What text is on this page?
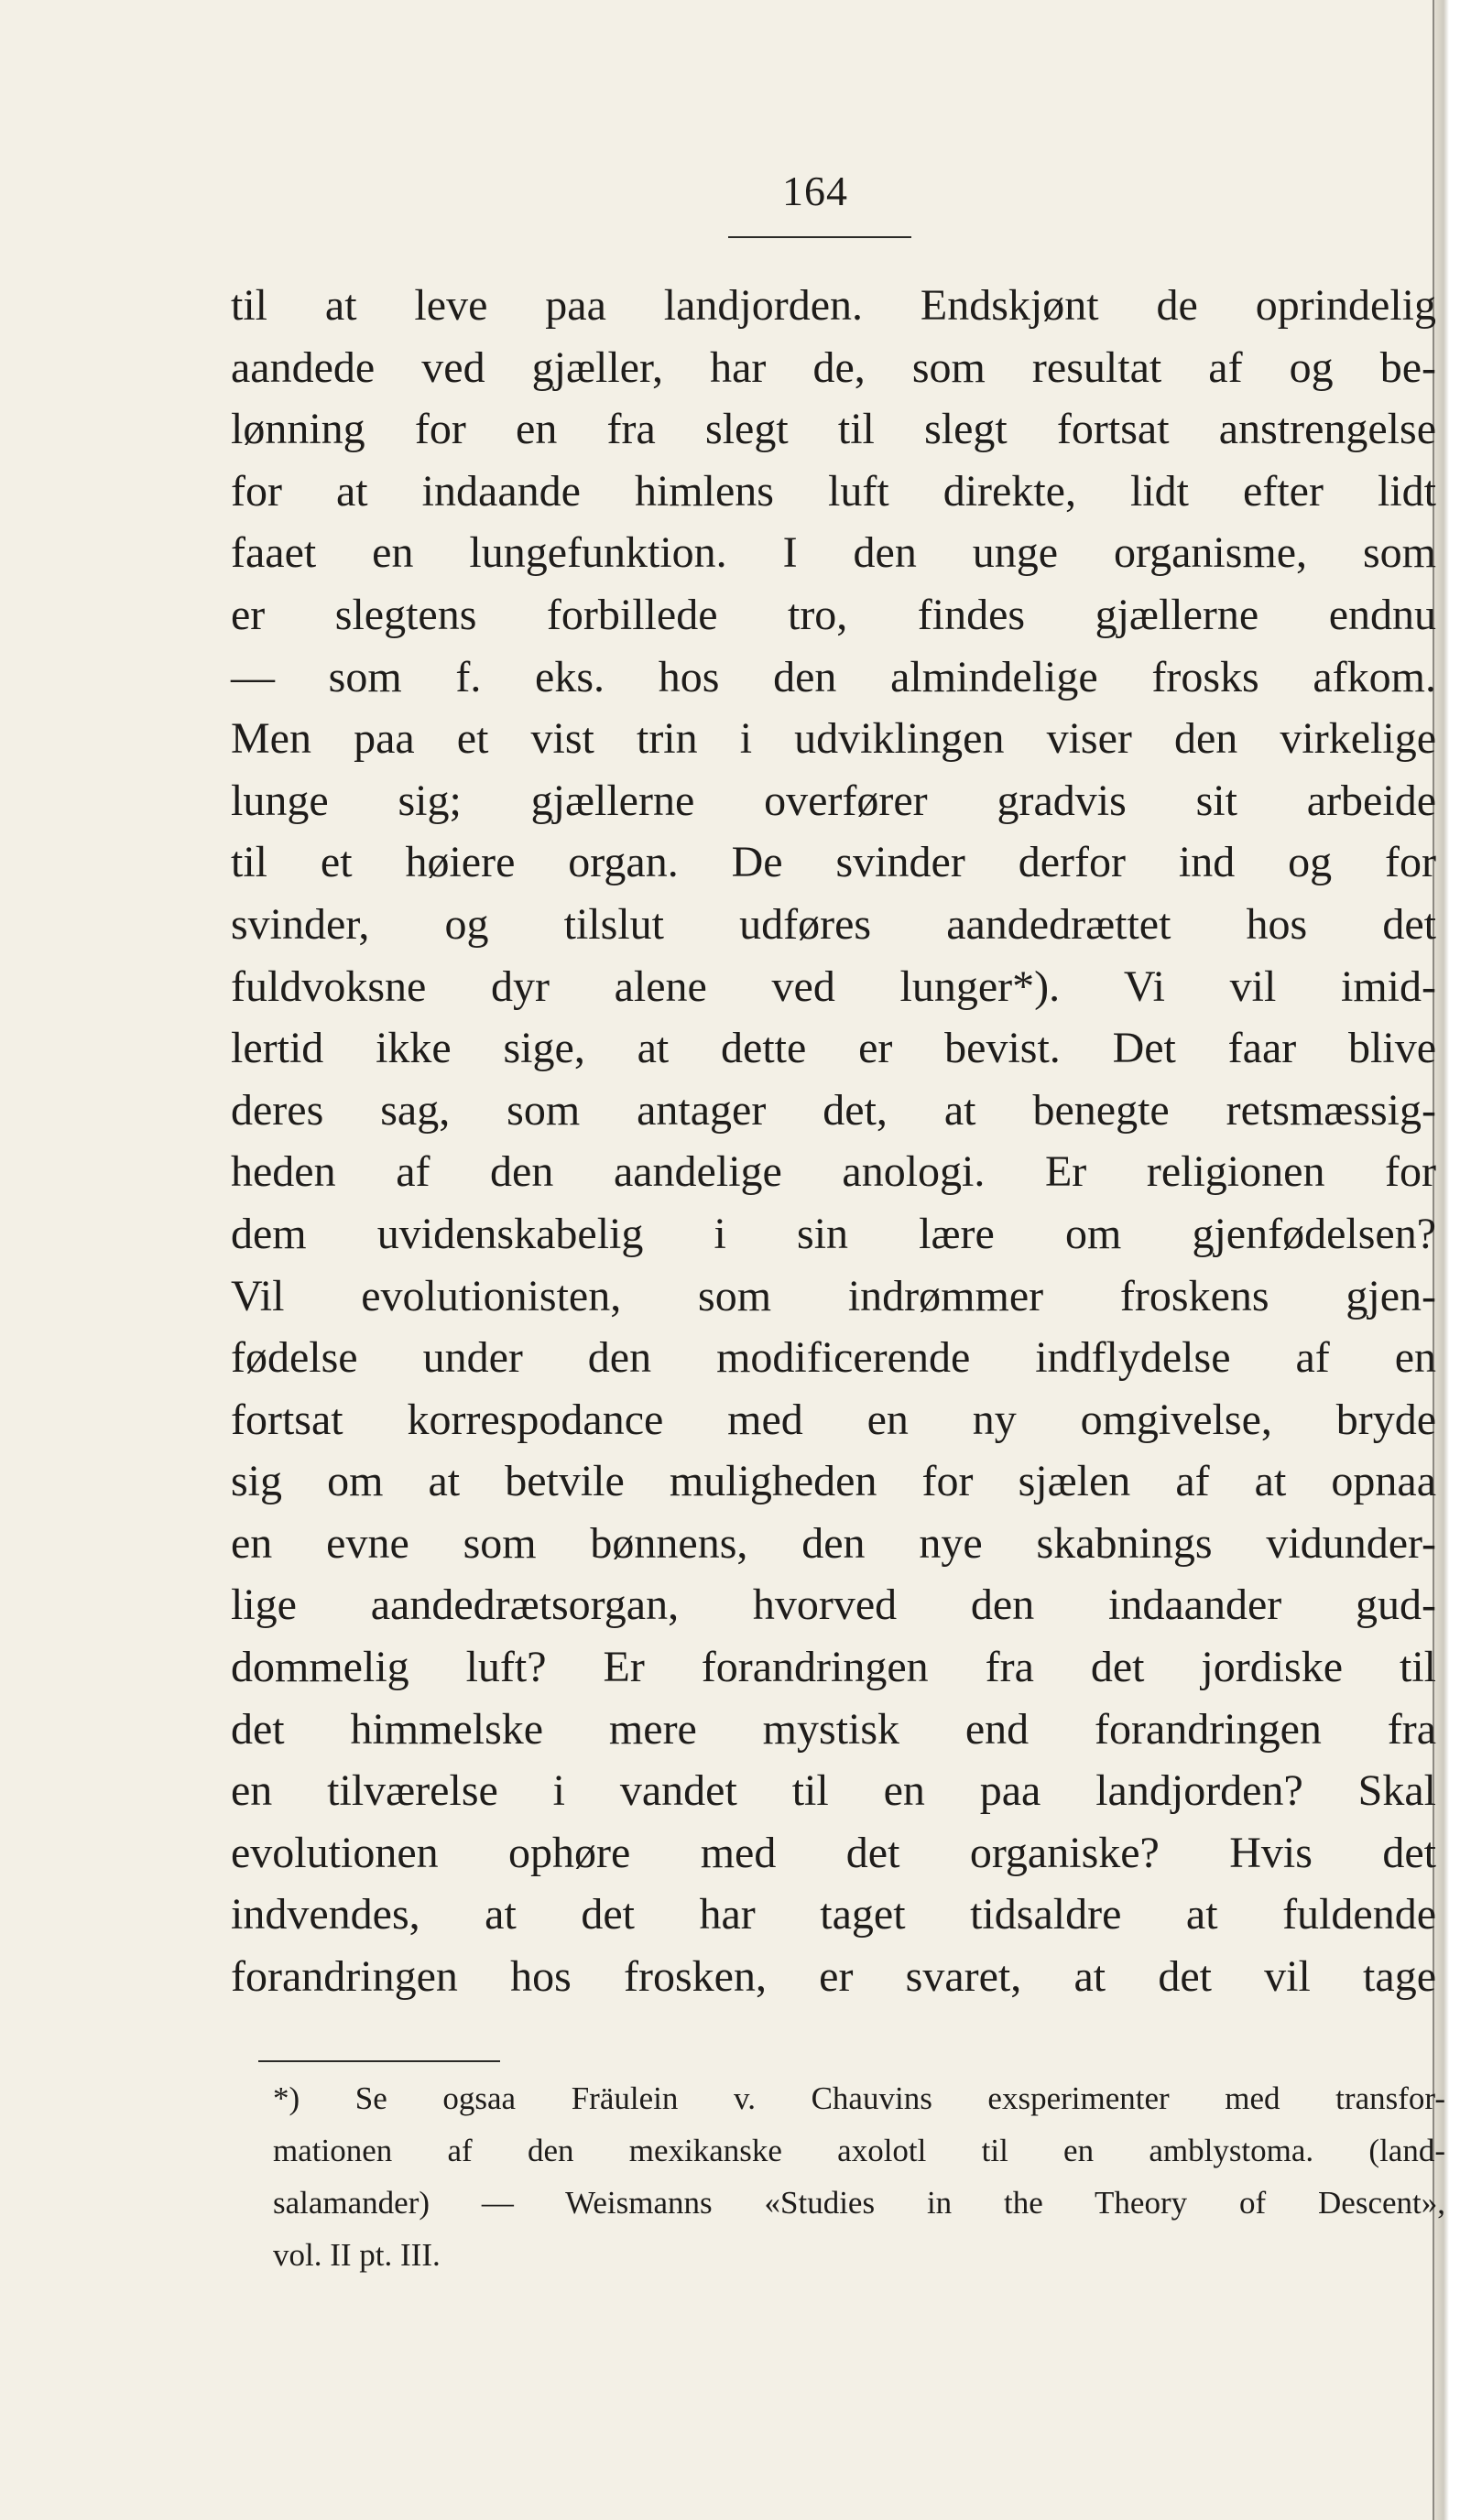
164
til at leve paa landjorden. Endskjønt de oprindelig
aandede ved gjæller, har de, som resultat af og be-
lønning for en fra slegt til slegt fortsat anstrengelse
for at indaande himlens luft direkte, lidt efter lidt
faaet en lungefunktion. I den unge organisme, som
er slegtens forbillede tro, findes gjællerne endnu
— som f. eks. hos den almindelige frosks afkom.
Men paa et vist trin i udviklingen viser den virkelige
lunge sig; gjællerne overfører gradvis sit arbeide
til et høiere organ. De svinder derfor ind og for
svinder, og tilslut udføres aandedrættet hos det
fuldvoksne dyr alene ved lunger*). Vi vil imid-
lertid ikke sige, at dette er bevist. Det faar blive
deres sag, som antager det, at benegte retsmæssig-
heden af den aandelige anologi. Er religionen for
dem uvidenskabelig i sin lære om gjenfødelsen?
Vil evolutionisten, som indrømmer froskens gjen-
fødelse under den modificerende indflydelse af en
fortsat korrespodance med en ny omgivelse, bryde
sig om at betvile muligheden for sjælen af at opnaa
en evne som bønnens, den nye skabnings vidunder-
lige aandedrætsorgan, hvorved den indaander gud-
dommelig luft? Er forandringen fra det jordiske til
det himmelske mere mystisk end forandringen fra
en tilværelse i vandet til en paa landjorden? Skal
evolutionen ophøre med det organiske? Hvis det
indvendes, at det har taget tidsaldre at fuldende
forandringen hos frosken, er svaret, at det vil tage
*) Se ogsaa Fräulein v. Chauvins exsperimenter med transfor-
mationen af den mexikanske axolotl til en amblystoma. (land-
salamander) — Weismanns «Studies in the Theory of Descent»,
vol. II pt. III.
